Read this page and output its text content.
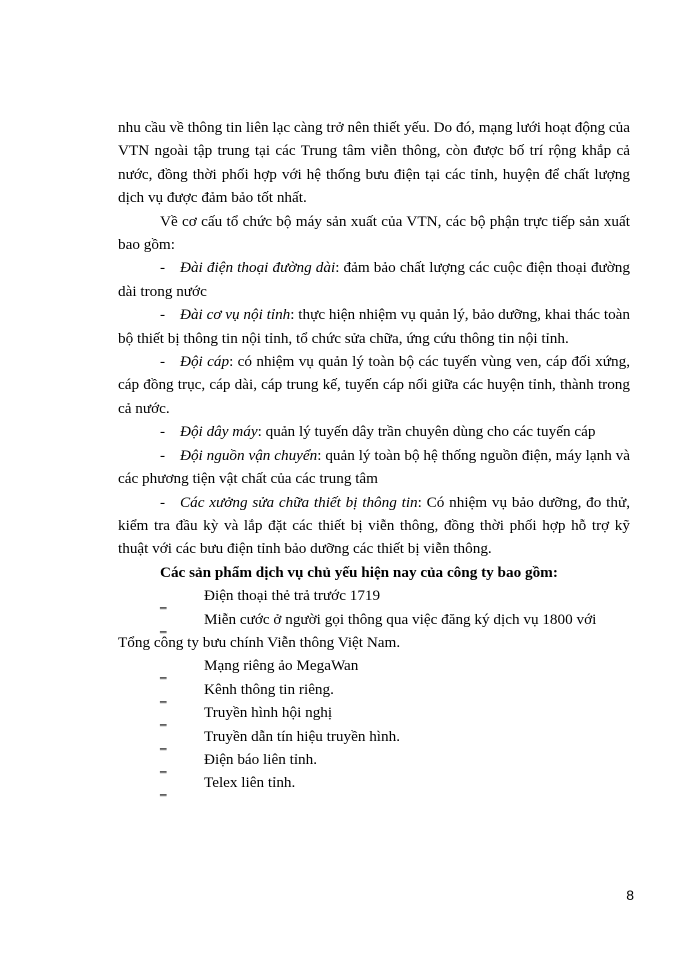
nhu cầu về thông tin liên lạc càng trở nên thiết yếu. Do đó, mạng lưới hoạt động của VTN ngoài tập trung tại các Trung tâm viễn thông, còn được bố trí rộng khắp cả nước, đồng thời phối hợp với hệ thống bưu điện tại các tỉnh, huyện để chất lượng dịch vụ được đảm bảo tốt nhất.

Về cơ cấu tổ chức bộ máy sản xuất của VTN, các bộ phận trực tiếp sản xuất bao gồm:

- Đài điện thoại đường dài: đảm bảo chất lượng các cuộc điện thoại đường dài trong nước

- Đài cơ vụ nội tỉnh: thực hiện nhiệm vụ quản lý, bảo dưỡng, khai thác toàn bộ thiết bị thông tin nội tỉnh, tổ chức sửa chữa, ứng cứu thông tin nội tỉnh.

- Đội cáp: có nhiệm vụ quản lý toàn bộ các tuyến vùng ven, cáp đối xứng, cáp đồng trục, cáp dài, cáp trung kế, tuyến cáp nối giữa các huyện tỉnh, thành trong cả nước.

- Đội dây máy: quản lý tuyến dây trần chuyên dùng cho các tuyến cáp

- Đội nguồn vận chuyển: quản lý toàn bộ hệ thống nguồn điện, máy lạnh và các phương tiện vật chất của các trung tâm

- Các xưởng sửa chữa thiết bị thông tin: Có nhiệm vụ bảo dưỡng, đo thử, kiểm tra đầu kỳ và lắp đặt các thiết bị viễn thông, đồng thời phối hợp hỗ trợ kỹ thuật với các bưu điện tỉnh bảo dưỡng các thiết bị viễn thông.

Các sản phẩm dịch vụ chủ yếu hiện nay của công ty bao gồm:

‗ Điện thoại thẻ trả trước 1719

‗	Miễn cước ở người gọi thông qua việc đăng ký dịch vụ 1800 với
Tổng công ty bưu chính Viễn thông Việt Nam.

‗ Mạng riêng ảo MegaWan

‗ Kênh thông tin riêng.

‗ Truyền hình hội nghị

‗ Truyền dẫn tín hiệu truyền hình.

‗ Điện báo liên tỉnh.

‗ Telex liên tỉnh.

8
